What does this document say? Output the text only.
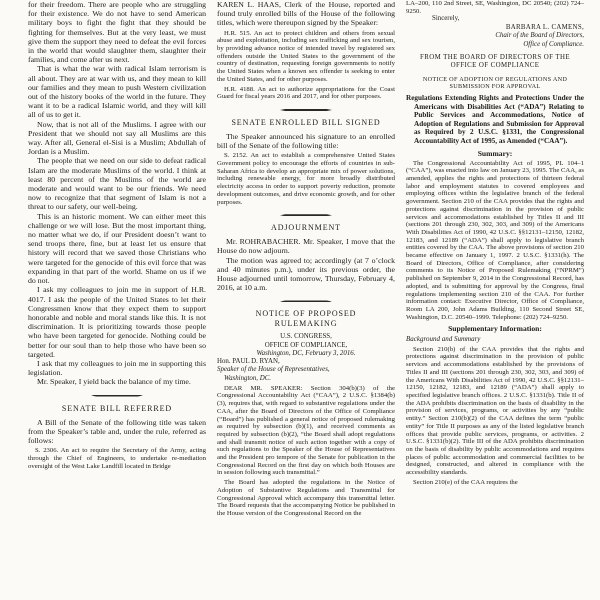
for their freedom. There are people who are struggling for their existence. We do not have to send American military boys to fight the fight that they should be fighting for themselves. But at the very least, we must give them the support they need to defeat the evil forces in the world that would slaughter them, slaughter their families, and come after us next.

That is what the war with radical Islam terrorism is all about. They are at war with us, and they mean to kill our families and they mean to push Western civilization out of the history books of the world in the future. They want it to be a radical Islamic world, and they will kill all of us to get it.

Now, that is not all of the Muslims. I agree with our President that we should not say all Muslims are this way. After all, General el-Sisi is a Muslim; Abdullah of Jordan is a Muslim.

The people that we need on our side to defeat radical Islam are the moderate Muslims of the world. I think at least 80 percent of the Muslims of the world are moderate and would want to be our friends. We need now to recognize that that segment of Islam is not a threat to our safety, our well-being.

This is an historic moment. We can either meet this challenge or we will lose. But the most important thing, no matter what we do, if our President doesn’t want to send troops there, fine, but at least let us ensure that history will record that we saved those Christians who were targeted for the genocide of this evil force that was expanding in that part of the world. Shame on us if we do not.

I ask my colleagues to join me in support of H.R. 4017. I ask the people of the United States to let their Congressmen know that they expect them to support honorable and noble and moral stands like this. It is not discrimination. It is prioritizing towards those people who have been targeted for genocide. Nothing could be better for our soul than to help those who have been so targeted.

I ask that my colleagues to join me in supporting this legislation.

Mr. Speaker, I yield back the balance of my time.

SENATE BILL REFERRED

A Bill of the Senate of the following title was taken from the Speaker’s table and, under the rule, referred as follows:

S. 2306. An act to require the Secretary of the Army, acting through the Chief of Engineers, to undertake re-mediation oversight of the West Lake Landfill located in Bridge

KAREN L. HAAS, Clerk of the House, reported and found truly enrolled bills of the House of the following titles, which were thereupon signed by the Speaker:

H.R. 515. An act to protect children and others from sexual abuse and exploitation, including sex trafficking and sex tourism, by providing advance notice of intended travel by registered sex offenders outside the United States to the government of the country of destination, requesting foreign governments to notify the United States when a known sex offender is seeking to enter the United States, and for other purposes.

H.R. 4188. An act to authorize appropriations for the Coast Guard for fiscal years 2016 and 2017, and for other purposes.

SENATE ENROLLED BILL SIGNED

The Speaker announced his signature to an enrolled bill of the Senate of the following title:

S. 2152. An act to establish a comprehensive United States Government policy to encourage the efforts of countries in sub-Saharan Africa to develop an appropriate mix of power solutions, including renewable energy, for more broadly distributed electricity access in order to support poverty reduction, promote development outcomes, and drive economic growth, and for other purposes.

ADJOURNMENT

Mr. ROHRABACHER. Mr. Speaker, I move that the House do now adjourn.

The motion was agreed to; accordingly (at 7 o’clock and 40 minutes p.m.), under its previous order, the House adjourned until tomorrow, Thursday, February 4, 2016, at 10 a.m.

NOTICE OF PROPOSED RULEMAKING

U.S. CONGRESS,

OFFICE OF COMPLIANCE,

Washington, DC, February 3, 2016.

Hon. PAUL D. RYAN,

Speaker of the House of Representatives,

Washington, DC.

DEAR MR. SPEAKER: Section 304(b)(3) of the Congressional Accountability Act (“CAA”), 2 U.S.C. §1384(b)(3), requires that, with regard to substantive regulations under the CAA, after the Board of Directors of the Office of Compliance (“Board”) has published a general notice of proposed rulemaking as required by subsection (b)(1), and received comments as required by subsection (b)(2), “the Board shall adopt regulations and shall transmit notice of such action together with a copy of such regulations to the Speaker of the House of Representatives and the President pro tempore of the Senate for publication in the Congressional Record on the first day on which both Houses are in session following such transmittal.”

The Board has adopted the regulations in the Notice of Adoption of Substantive Regulations and Transmittal for Congressional Approval which accompany this transmittal letter. The Board requests that the accompanying Notice be published in the House version of the Congressional Record on the

LA–200, 110 2nd Street, SE, Washington, DC 20540; (202) 724–9250.

Sincerely,

BARBARA L. CAMENS,

Chair of the Board of Directors,

Office of Compliance.

FROM THE BOARD OF DIRECTORS OF THE OFFICE OF COMPLIANCE

NOTICE OF ADOPTION OF REGULATIONS AND SUBMISSION FOR APPROVAL

Regulations Extending Rights and Protections Under the Americans with Disabilities Act (“ADA”) Relating to Public Services and Accommodations, Notice of Adoption of Regulations and Submission for Approval as Required by 2 U.S.C. §1331, the Congressional Accountability Act of 1995, as Amended (“CAA”).

Summary:

The Congressional Accountability Act of 1995, PL 104–1 (“CAA”), was enacted into law on January 23, 1995. The CAA, as amended, applies the rights and protections of thirteen federal labor and employment statutes to covered employees and employing offices within the legislative branch of the federal government. Section 210 of the CAA provides that the rights and protections against discrimination in the provision of public services and accommodations established by Titles II and III (sections 201 through 230, 302, 303, and 309) of the Americans With Disabilities Act of 1990, 42 U.S.C. §§12131–12150, 12182, 12183, and 12189 (“ADA”) shall apply to legislative branch entities covered by the CAA. The above provisions of section 210 became effective on January 1, 1997. 2 U.S.C. §1331(h). The Board of Directors, Office of Compliance, after considering comments to its Notice of Proposed Rulemaking (“NPRM”) published on September 9, 2014 in the Congressional Record, has adopted, and is submitting for approval by the Congress, final regulations implementing section 210 of the CAA. For further information contact: Executive Director, Office of Compliance, Room LA 200, John Adams Building, 110 Second Street SE, Washington, D.C. 20540–1999. Telephone: (202) 724–9250.

Supplementary Information:

Background and Summary

Section 210(b) of the CAA provides that the rights and protections against discrimination in the provision of public services and accommodations established by the provisions of Titles II and III (sections 201 through 230, 302, 303, and 309) of the Americans With Disabilities Act of 1990, 42 U.S.C. §§12131–12150, 12182, 12183, and 12189 (“ADA”) shall apply to specified legislative branch offices. 2 U.S.C. §1331(b). Title II of the ADA prohibits discrimination on the basis of disability in the provision of services, programs, or activities by any “public entity.” Section 210(b)(2) of the CAA defines the term “public entity” for Title II purposes as any of the listed legislative branch offices that provide public services, programs, or activities. 2 U.S.C. §1331(b)(2). Title III of the ADA prohibits discrimination on the basis of disability by public accommodations and requires places of public accommodation and commercial facilities to be designed, constructed, and altered in compliance with the accessibility standards.

Section 210(e) of the CAA requires the
